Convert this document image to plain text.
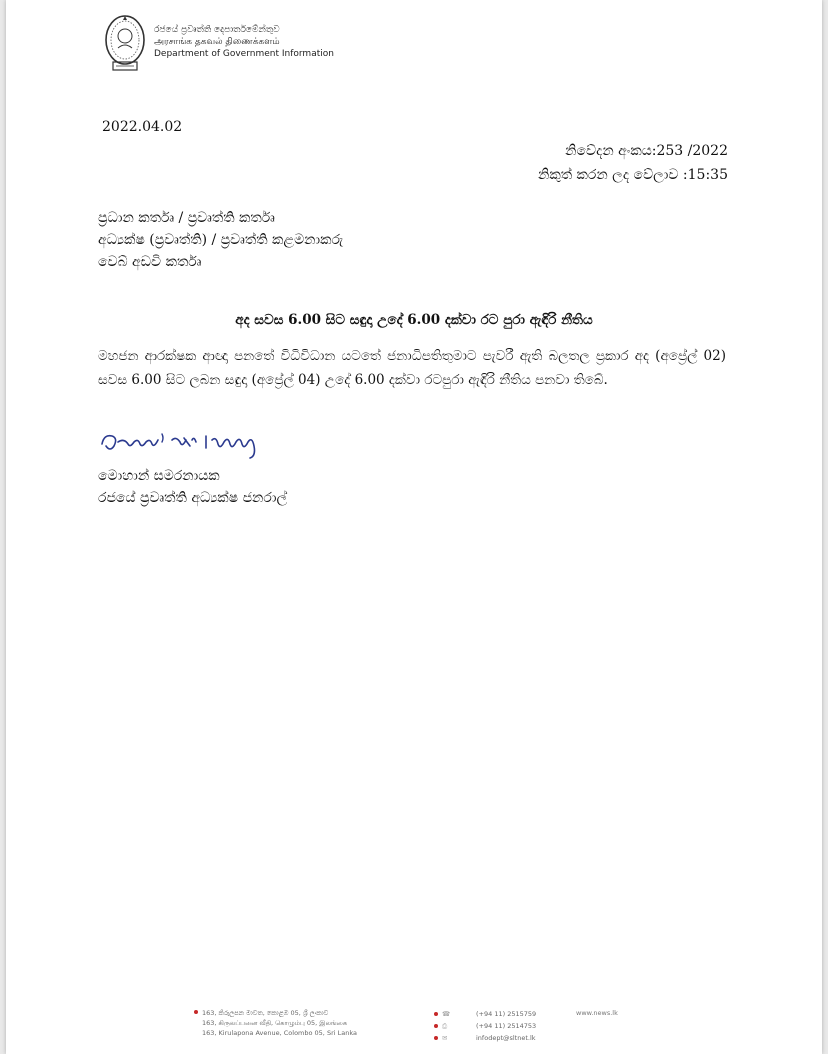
රජයේ ප්‍රවෘත්ති දෙපාර්තමේන්තුව
அரசாங்க தகவல் திணைக்களம்
Department of Government Information
2022.04.02
නිවේදන අංකය:253 /2022
නිකුත් කරන ලද වේලාව :15:35
ප්‍රධාන කර්තෘ / ප්‍රවෘත්ති කර්තෘ
අධ්‍යක්ෂ (ප්‍රවෘත්ති) / ප්‍රවෘත්ති කළමනාකරු
වෙබ් අඩවි කර්තෘ
අද සවස 6.00 සිට සඳුදා උදේ 6.00 දක්වා රට පුරා ඇඳිරි නීතිය
මහජන ආරක්ෂක ආඥා පනතේ විධිවිධාන යටතේ ජනාධිපතිතුමාට පැවරී ඇති බලතල ප්‍රකාර අද (අප්‍රේල් 02) සවස 6.00 සිට ලබන සඳුදා (අප්‍රේල් 04) උදේ 6.00 දක්වා රටපුරා ඇඳිරි නීතිය පනවා තිබේ.
මොහාන් සමරනායක
රජයේ ප්‍රවෘත්ති අධ්‍යක්ෂ ජනරාල්
163, කිරුලපන මාවත, කොළඹ 05, ශ්‍රී ලංකාව
163, கிருலப்பனை வீதி, கொழும்பு 05, இலங்கை
163, Kirulapona Avenue, Colombo 05, Sri Lanka
☎	(+94 11) 2515759
⎙	(+94 11) 2514753
✉	infodept@sltnet.lk
www.news.lk
